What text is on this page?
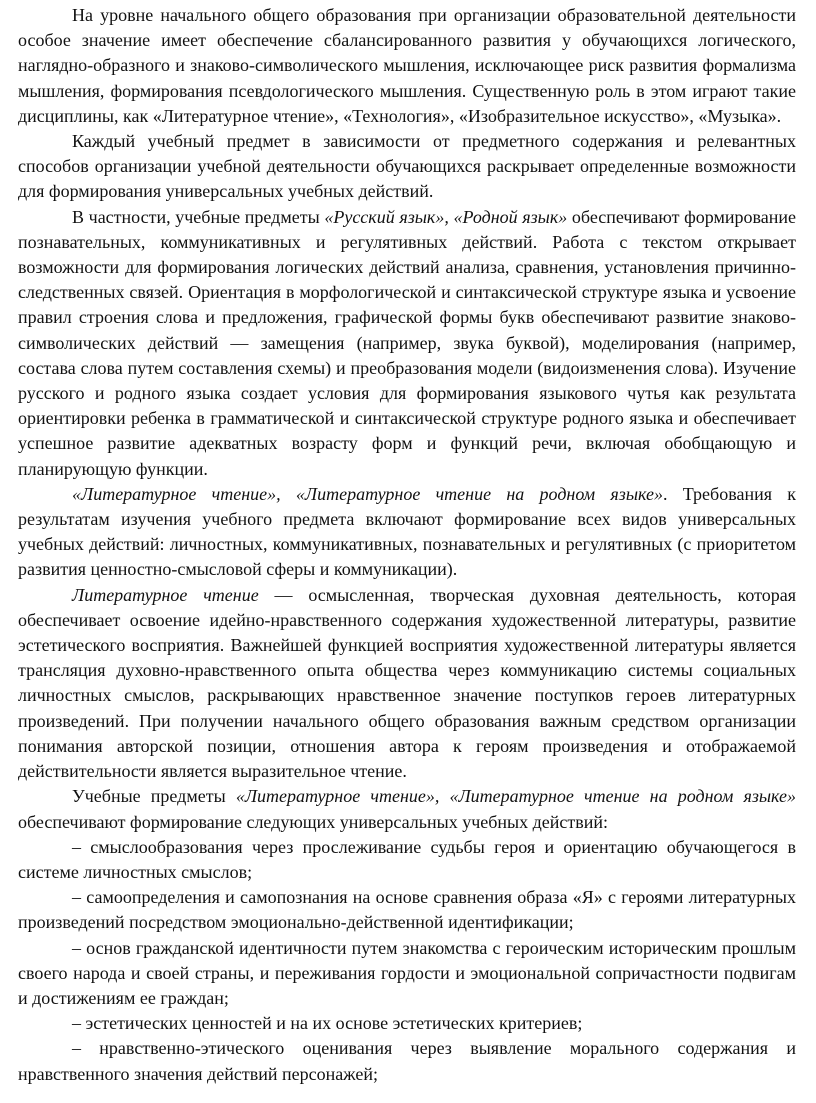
На уровне начального общего образования при организации образовательной деятельности особое значение имеет обеспечение сбалансированного развития у обучающихся логического, наглядно-образного и знаково-символического мышления, исключающее риск развития формализма мышления, формирования псевдологического мышления. Существенную роль в этом играют такие дисциплины, как «Литературное чтение», «Технология», «Изобразительное искусство», «Музыка».

Каждый учебный предмет в зависимости от предметного содержания и релевантных способов организации учебной деятельности обучающихся раскрывает определенные возможности для формирования универсальных учебных действий.

В частности, учебные предметы «Русский язык», «Родной язык» обеспечивают формирование познавательных, коммуникативных и регулятивных действий. Работа с текстом открывает возможности для формирования логических действий анализа, сравнения, установления причинно-следственных связей. Ориентация в морфологической и синтаксической структуре языка и усвоение правил строения слова и предложения, графической формы букв обеспечивают развитие знаково-символических действий — замещения (например, звука буквой), моделирования (например, состава слова путем составления схемы) и преобразования модели (видоизменения слова). Изучение русского и родного языка создает условия для формирования языкового чутья как результата ориентировки ребенка в грамматической и синтаксической структуре родного языка и обеспечивает успешное развитие адекватных возрасту форм и функций речи, включая обобщающую и планирующую функции.

«Литературное чтение», «Литературное чтение на родном языке». Требования к результатам изучения учебного предмета включают формирование всех видов универсальных учебных действий: личностных, коммуникативных, познавательных и регулятивных (с приоритетом развития ценностно-смысловой сферы и коммуникации).

Литературное чтение — осмысленная, творческая духовная деятельность, которая обеспечивает освоение идейно-нравственного содержания художественной литературы, развитие эстетического восприятия. Важнейшей функцией восприятия художественной литературы является трансляция духовно-нравственного опыта общества через коммуникацию системы социальных личностных смыслов, раскрывающих нравственное значение поступков героев литературных произведений. При получении начального общего образования важным средством организации понимания авторской позиции, отношения автора к героям произведения и отображаемой действительности является выразительное чтение.

Учебные предметы «Литературное чтение», «Литературное чтение на родном языке» обеспечивают формирование следующих универсальных учебных действий:

– смыслообразования через прослеживание судьбы героя и ориентацию обучающегося в системе личностных смыслов;

– самоопределения и самопознания на основе сравнения образа «Я» с героями литературных произведений посредством эмоционально-действенной идентификации;

– основ гражданской идентичности путем знакомства с героическим историческим прошлым своего народа и своей страны, и переживания гордости и эмоциональной сопричастности подвигам и достижениям ее граждан;

– эстетических ценностей и на их основе эстетических критериев;

– нравственно-этического оценивания через выявление морального содержания и нравственного значения действий персонажей;
